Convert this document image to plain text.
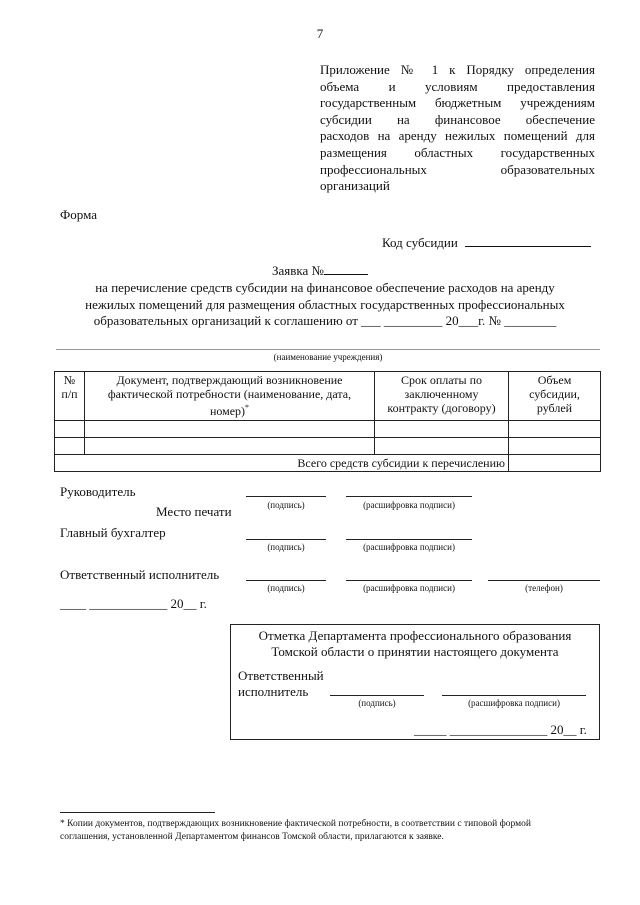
7
Приложение № 1 к Порядку определения
объема и условиям предоставления
государственным бюджетным учреждениям
субсидии на финансовое обеспечение
расходов на аренду нежилых помещений для
размещения областных государственных
профессиональных образовательных
организаций
Форма
Код субсидии
Заявка №
на перечисление средств субсидии на финансовое обеспечение расходов на аренду
нежилых помещений для размещения областных государственных профессиональных
образовательных организаций к соглашению от ___ _________ 20___г. № ________
(наименование учреждения)
№ п/п	Документ, подтверждающий возникновение фактической потребности (наименование, дата, номер)*	Срок оплаты по заключенному контракту (договору)	Объем субсидии, рублей

Всего средств субсидии к перечислению			
Руководитель
Место печати	(подпись)	(расшифровка подписи)
Главный бухгалтер
(подпись)	(расшифровка подписи)
Ответственный исполнитель
(подпись)	(расшифровка подписи)	(телефон)
____ ____________ 20__ г.
Отметка Департамента профессионального образования
Томской области о принятии настоящего документа
Ответственный
исполнитель
(подпись)	(расшифровка подписи)
_____ _______________ 20__ г.
* Копии документов, подтверждающих возникновение фактической потребности, в соответствии с типовой формой
соглашения, установленной Департаментом финансов Томской области, прилагаются к заявке.
